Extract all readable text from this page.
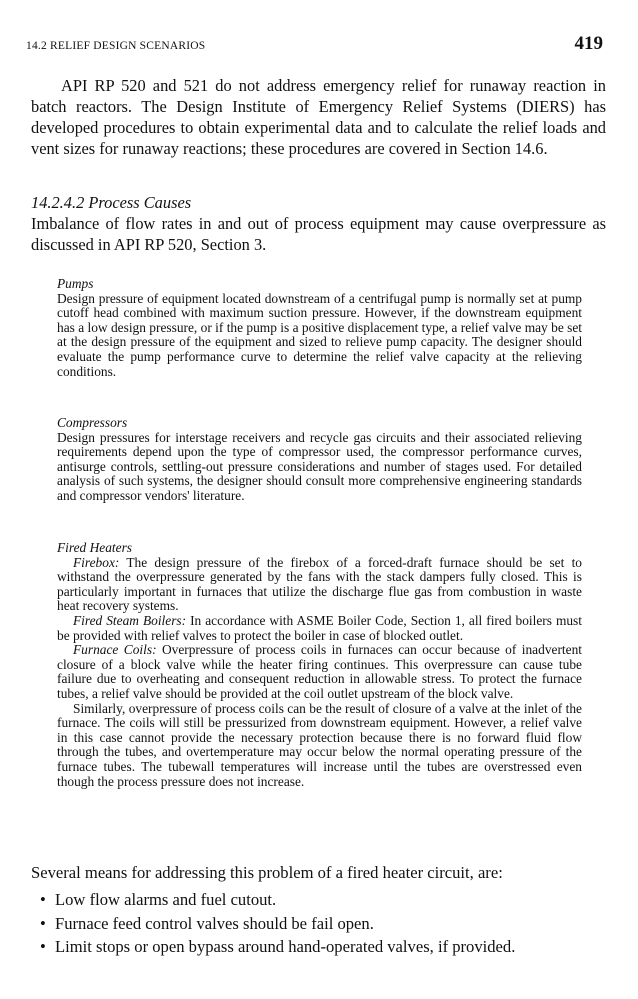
14.2 RELIEF DESIGN SCENARIOS	419

API RP 520 and 521 do not address emergency relief for runaway reaction in batch reactors. The Design Institute of Emergency Relief Systems (DIERS) has developed procedures to obtain experimental data and to calculate the relief loads and vent sizes for runaway reactions; these procedures are covered in Section 14.6.

14.2.4.2 Process Causes

Imbalance of flow rates in and out of process equipment may cause overpressure as discussed in API RP 520, Section 3.

Pumps

Design pressure of equipment located downstream of a centrifugal pump is normally set at pump cutoff head combined with maximum suction pressure. However, if the downstream equipment has a low design pressure, or if the pump is a positive displacement type, a relief valve may be set at the design pressure of the equipment and sized to relieve pump capacity. The designer should evaluate the pump performance curve to determine the relief valve capacity at the relieving conditions.

Compressors

Design pressures for interstage receivers and recycle gas circuits and their associated relieving requirements depend upon the type of compressor used, the compressor performance curves, antisurge controls, settling-out pressure considerations and number of stages used. For detailed analysis of such systems, the designer should consult more comprehensive engineering standards and compressor vendors' literature.

Fired Heaters

Firebox: The design pressure of the firebox of a forced-draft furnace should be set to withstand the overpressure generated by the fans with the stack dampers fully closed. This is particularly important in furnaces that utilize the discharge flue gas from combustion in waste heat recovery systems.

Fired Steam Boilers: In accordance with ASME Boiler Code, Section 1, all fired boilers must be provided with relief valves to protect the boiler in case of blocked outlet.

Furnace Coils: Overpressure of process coils in furnaces can occur because of inadvertent closure of a block valve while the heater firing continues. This overpressure can cause tube failure due to overheating and consequent reduction in allowable stress. To protect the furnace tubes, a relief valve should be provided at the coil outlet upstream of the block valve.

Similarly, overpressure of process coils can be the result of closure of a valve at the inlet of the furnace. The coils will still be pressurized from downstream equipment. However, a relief valve in this case cannot provide the necessary protection because there is no forward fluid flow through the tubes, and overtemperature may occur below the normal operating pressure of the furnace tubes. The tubewall temperatures will increase until the tubes are overstressed even though the process pressure does not increase.

Several means for addressing this problem of a fired heater circuit, are:

• Low flow alarms and fuel cutout.
• Furnace feed control valves should be fail open.
• Limit stops or open bypass around hand-operated valves, if provided.
